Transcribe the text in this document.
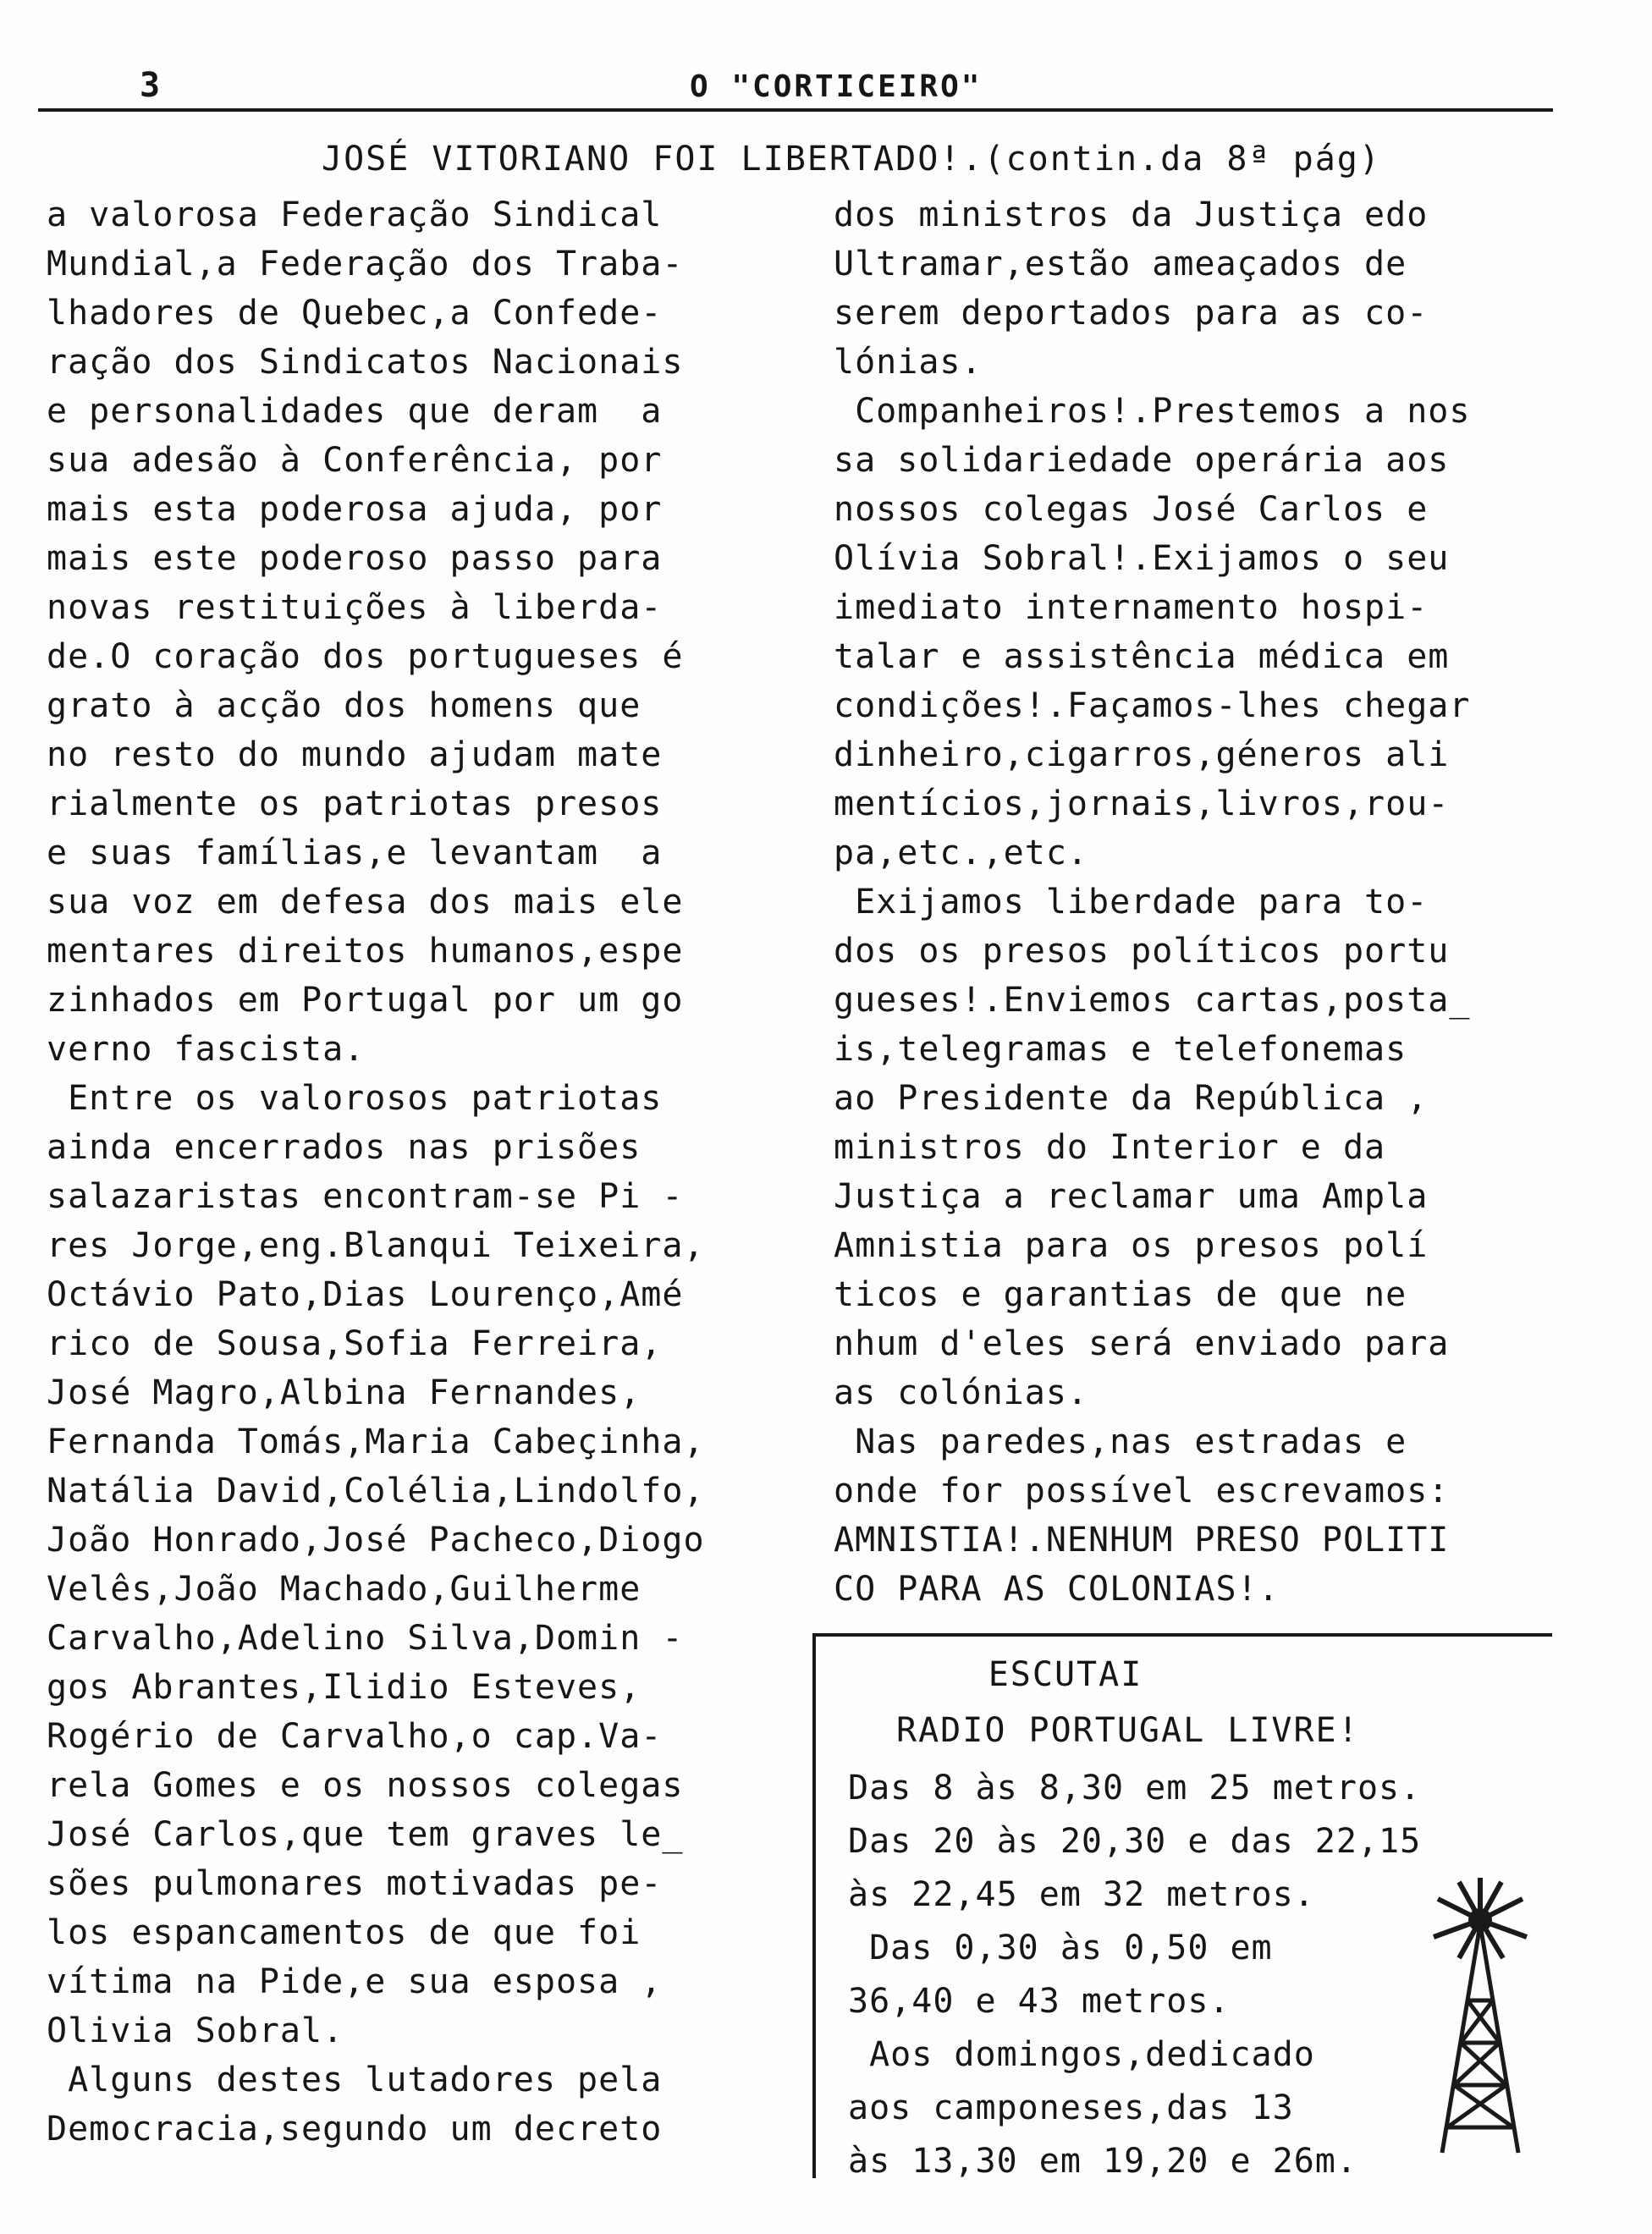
3	O "CORTICEIRO"
JOSÉ VITORIANO FOI LIBERTADO!.(contin.da 8ª pág)
a valorosa Federação Sindical
Mundial,a Federação dos Traba-
lhadores de Quebec,a Confede-
ração dos Sindicatos Nacionais
e personalidades que deram  a
sua adesão à Conferência, por
mais esta poderosa ajuda, por
mais este poderoso passo para
novas restituições à liberda-
de.O coração dos portugueses é
grato à acção dos homens que
no resto do mundo ajudam mate
rialmente os patriotas presos
e suas famílias,e levantam  a
sua voz em defesa dos mais ele
mentares direitos humanos,espe
zinhados em Portugal por um go
verno fascista.
Entre os valorosos patriotas
ainda encerrados nas prisões
salazaristas encontram-se Pi -
res Jorge,eng.Blanqui Teixeira,
Octávio Pato,Dias Lourenço,Amé
rico de Sousa,Sofia Ferreira,
José Magro,Albina Fernandes,
Fernanda Tomás,Maria Cabeçinha,
Natália David,Colélia,Lindolfo,
João Honrado,José Pacheco,Diogo
Velês,João Machado,Guilherme
Carvalho,Adelino Silva,Domin -
gos Abrantes,Ilidio Esteves,
Rogério de Carvalho,o cap.Va-
rela Gomes e os nossos colegas
José Carlos,que tem graves le_
sões pulmonares motivadas pe-
los espancamentos de que foi
vítima na Pide,e sua esposa ,
Olivia Sobral.
Alguns destes lutadores pela
Democracia,segundo um decreto
dos ministros da Justiça edo
Ultramar,estão ameaçados de
serem deportados para as co-
lónias.
Companheiros!.Prestemos a nos
sa solidariedade operária aos
nossos colegas José Carlos e
Olívia Sobral!.Exijamos o seu
imediato internamento hospi-
talar e assistência médica em
condições!.Façamos-lhes chegar
dinheiro,cigarros,géneros ali
mentícios,jornais,livros,rou-
pa,etc.,etc.
Exijamos liberdade para to-
dos os presos políticos portu
gueses!.Enviemos cartas,posta_
is,telegramas e telefonemas
ao Presidente da República ,
ministros do Interior e da
Justiça a reclamar uma Ampla
Amnistia para os presos polí
ticos e garantias de que ne
nhum d'eles será enviado para
as colónias.
Nas paredes,nas estradas e
onde for possível escrevamos:
AMNISTIA!.NENHUM PRESO POLITI
CO PARA AS COLONIAS!.
ESCUTAI
RADIO PORTUGAL LIVRE!
Das 8 às 8,30 em 25 metros.
Das 20 às 20,30 e das 22,15
às 22,45 em 32 metros.
Das 0,30 às 0,50 em
36,40 e 43 metros.
Aos domingos,dedicado
aos camponeses,das 13
às 13,30 em 19,20 e 26m.
